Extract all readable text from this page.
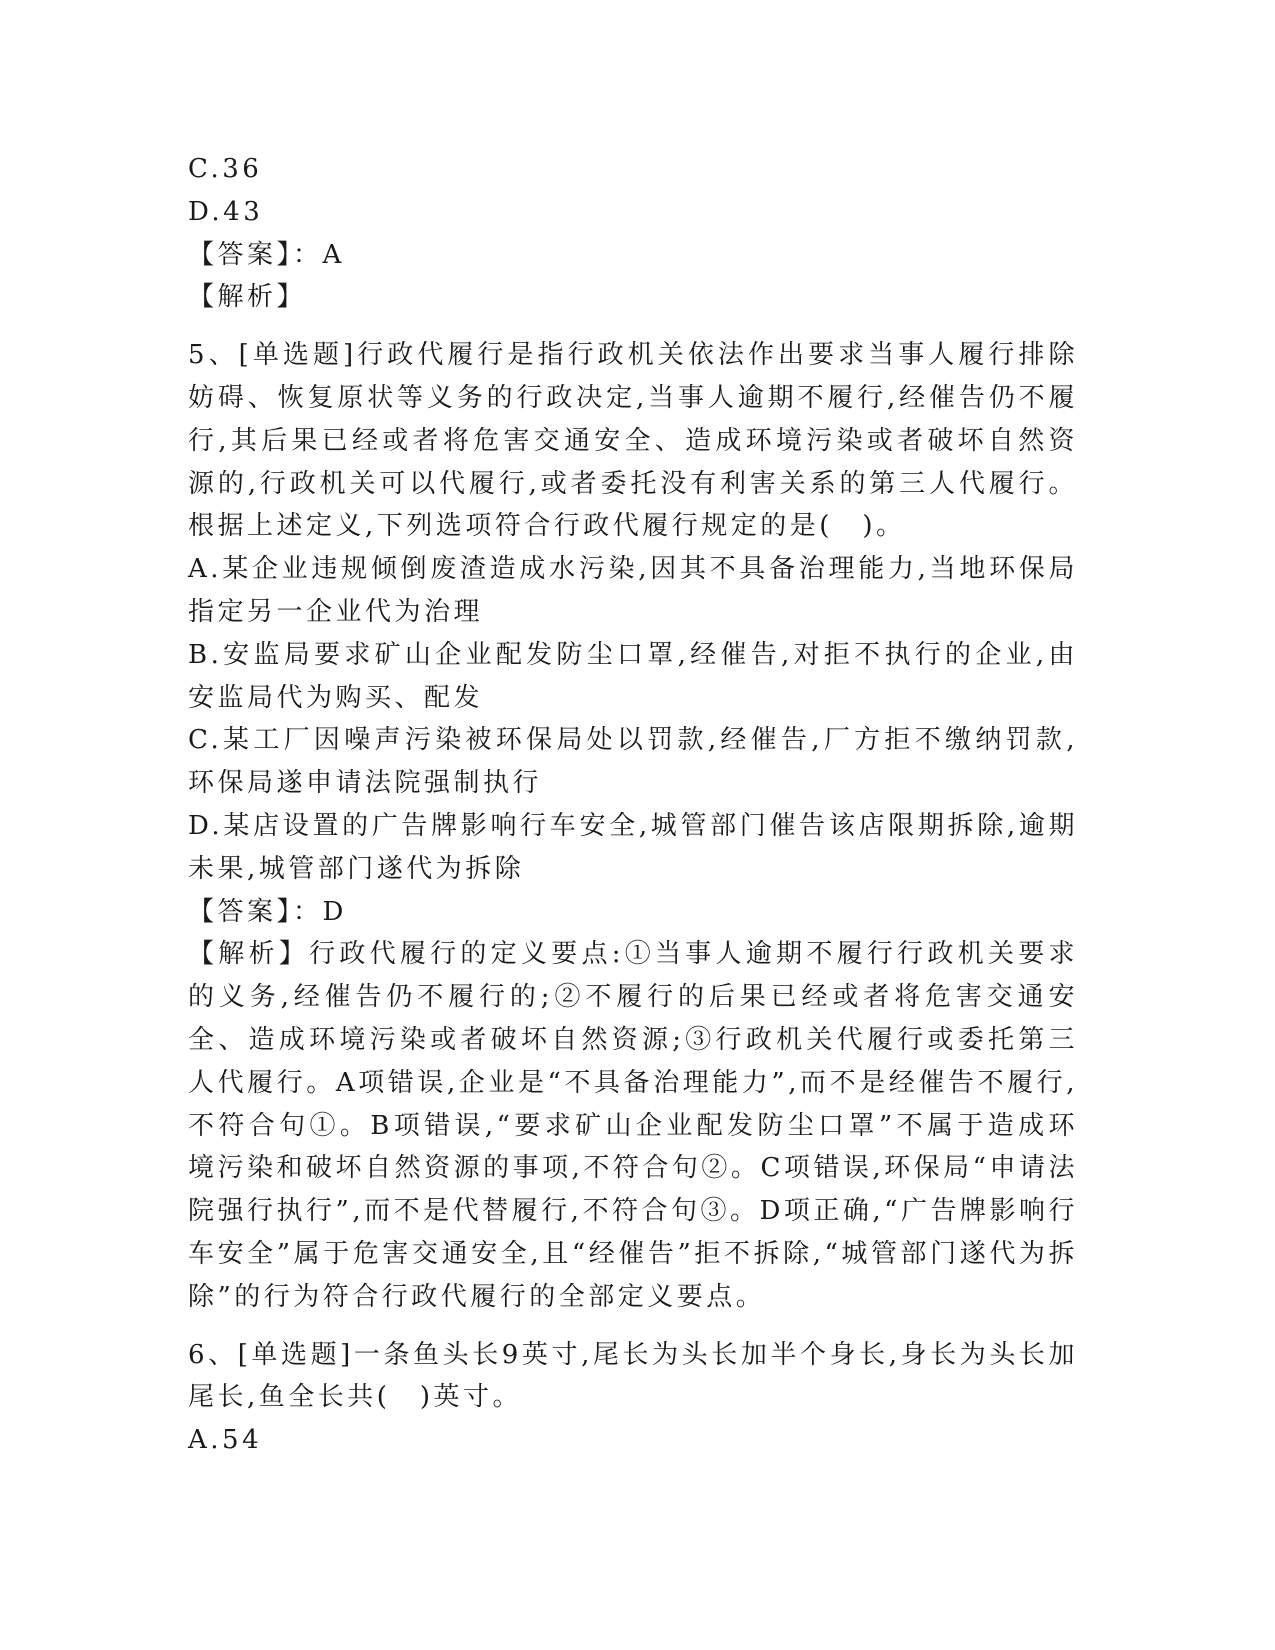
C.36
D.43
【答案】：A
【解析】
5、[单选题]行政代履行是指行政机关依法作出要求当事人履行排除妨碍、恢复原状等义务的行政决定,当事人逾期不履行,经催告仍不履行,其后果已经或者将危害交通安全、造成环境污染或者破坏自然资源的,行政机关可以代履行,或者委托没有利害关系的第三人代履行。根据上述定义,下列选项符合行政代履行规定的是(　)。
A.某企业违规倾倒废渣造成水污染,因其不具备治理能力,当地环保局指定另一企业代为治理
B.安监局要求矿山企业配发防尘口罩,经催告,对拒不执行的企业,由安监局代为购买、配发
C.某工厂因噪声污染被环保局处以罚款,经催告,厂方拒不缴纳罚款,环保局遂申请法院强制执行
D.某店设置的广告牌影响行车安全,城管部门催告该店限期拆除,逾期未果,城管部门遂代为拆除
【答案】：D
【解析】行政代履行的定义要点:①当事人逾期不履行行政机关要求的义务,经催告仍不履行的;②不履行的后果已经或者将危害交通安全、造成环境污染或者破坏自然资源;③行政机关代履行或委托第三人代履行。A项错误,企业是“不具备治理能力”,而不是经催告不履行,不符合句①。B项错误,“要求矿山企业配发防尘口罩”不属于造成环境污染和破坏自然资源的事项,不符合句②。C项错误,环保局“申请法院强行执行”,而不是代替履行,不符合句③。D项正确,“广告牌影响行车安全”属于危害交通安全,且“经催告”拒不拆除,“城管部门遂代为拆除”的行为符合行政代履行的全部定义要点。
6、[单选题]一条鱼头长9英寸,尾长为头长加半个身长,身长为头长加尾长,鱼全长共(　)英寸。
A.54
